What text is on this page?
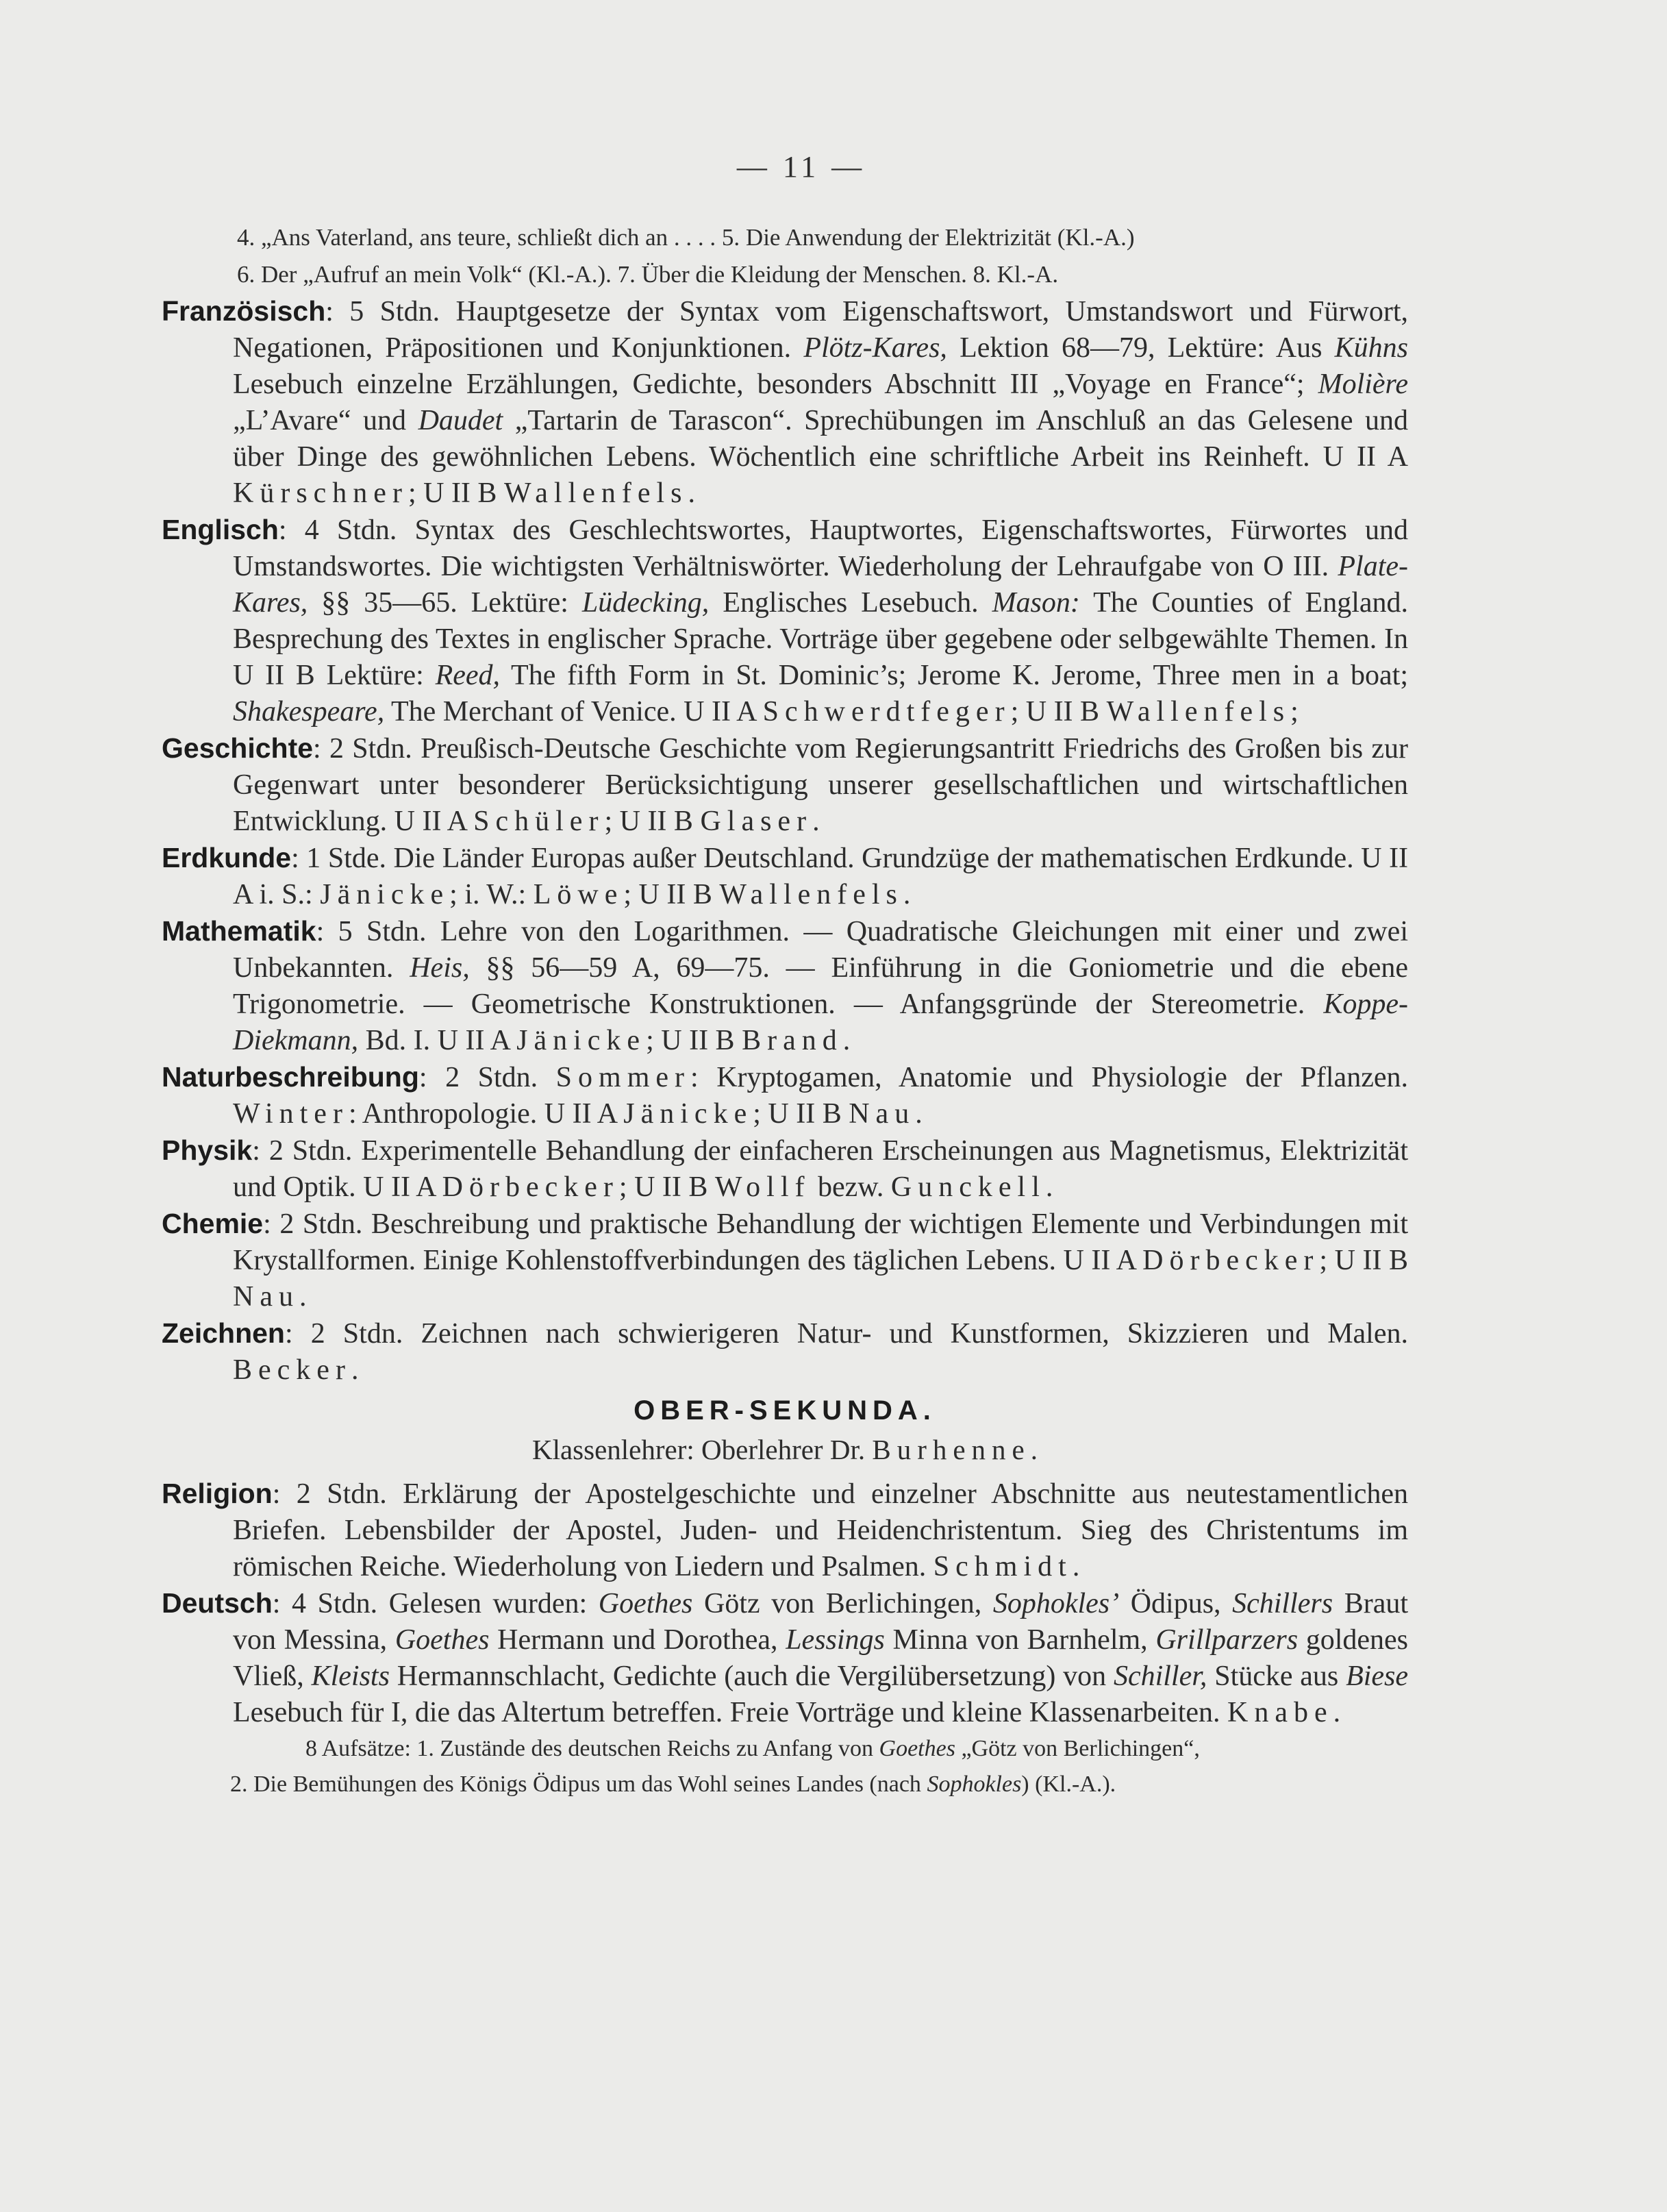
— 11 —
4. „Ans Vaterland, ans teure, schließt dich an . . . . 5. Die Anwendung der Elektrizität (Kl.-A.)
6. Der „Aufruf an mein Volk“ (Kl.-A.). 7. Über die Kleidung der Menschen. 8. Kl.-A.

Französisch: 5 Stdn. Hauptgesetze der Syntax vom Eigenschaftswort, Umstandswort und Fürwort, Negationen, Präpositionen und Konjunktionen. Plötz-Kares, Lektion 68—79, Lektüre: Aus Kühns Lesebuch einzelne Erzählungen, Gedichte, besonders Abschnitt III „Voyage en France“; Molière „L’Avare“ und Daudet „Tartarin de Tarascon“. Sprechübungen im Anschluß an das Gelesene und über Dinge des gewöhnlichen Lebens. Wöchentlich eine schriftliche Arbeit ins Reinheft. U II A Kürschner; U II B Wallenfels.

Englisch: 4 Stdn. Syntax des Geschlechtswortes, Hauptwortes, Eigenschaftswortes, Fürwortes und Umstandswortes. Die wichtigsten Verhältniswörter. Wiederholung der Lehraufgabe von O III. Plate-Kares, §§ 35—65. Lektüre: Lüdecking, Englisches Lesebuch. Mason: The Counties of England. Besprechung des Textes in englischer Sprache. Vorträge über gegebene oder selbgewählte Themen. In U II B Lektüre: Reed, The fifth Form in St. Dominic’s; Jerome K. Jerome, Three men in a boat; Shakespeare, The Merchant of Venice. U II A Schwerdtfeger; U II B Wallenfels;

Geschichte: 2 Stdn. Preußisch-Deutsche Geschichte vom Regierungsantritt Friedrichs des Großen bis zur Gegenwart unter besonderer Berücksichtigung unserer gesellschaftlichen und wirtschaftlichen Entwicklung. U II A Schüler; U II B Glaser.

Erdkunde: 1 Stde. Die Länder Europas außer Deutschland. Grundzüge der mathematischen Erdkunde. U II A i. S.: Jänicke; i. W.: Löwe; U II B Wallenfels.

Mathematik: 5 Stdn. Lehre von den Logarithmen. — Quadratische Gleichungen mit einer und zwei Unbekannten. Heis, §§ 56—59 A, 69—75. — Einführung in die Goniometrie und die ebene Trigonometrie. — Geometrische Konstruktionen. — Anfangsgründe der Stereometrie. Koppe-Diekmann, Bd. I. U II A Jänicke; U II B Brand.

Naturbeschreibung: 2 Stdn. Sommer: Kryptogamen, Anatomie und Physiologie der Pflanzen. Winter: Anthropologie. U II A Jänicke; U II B Nau.

Physik: 2 Stdn. Experimentelle Behandlung der einfacheren Erscheinungen aus Magnetismus, Elektrizität und Optik. U II A Dörbecker; U II B Wollf bezw. Gunckell.

Chemie: 2 Stdn. Beschreibung und praktische Behandlung der wichtigen Elemente und Verbindungen mit Krystallformen. Einige Kohlenstoffverbindungen des täglichen Lebens. U II A Dörbecker; U II B Nau.

Zeichnen: 2 Stdn. Zeichnen nach schwierigeren Natur- und Kunstformen, Skizzieren und Malen. Becker.

OBER-SEKUNDA.
Klassenlehrer: Oberlehrer Dr. Burhenne.

Religion: 2 Stdn. Erklärung der Apostelgeschichte und einzelner Abschnitte aus neutestamentlichen Briefen. Lebensbilder der Apostel, Juden- und Heidenchristentum. Sieg des Christentums im römischen Reiche. Wiederholung von Liedern und Psalmen. Schmidt.

Deutsch: 4 Stdn. Gelesen wurden: Goethes Götz von Berlichingen, Sophokles’ Ödipus, Schillers Braut von Messina, Goethes Hermann und Dorothea, Lessings Minna von Barnhelm, Grillparzers goldenes Vließ, Kleists Hermannschlacht, Gedichte (auch die Vergilübersetzung) von Schiller, Stücke aus Biese Lesebuch für I, die das Altertum betreffen. Freie Vorträge und kleine Klassenarbeiten. Knabe.

8 Aufsätze: 1. Zustände des deutschen Reichs zu Anfang von Goethes „Götz von Berlichingen“,
2. Die Bemühungen des Königs Ödipus um das Wohl seines Landes (nach Sophokles) (Kl.-A.).
